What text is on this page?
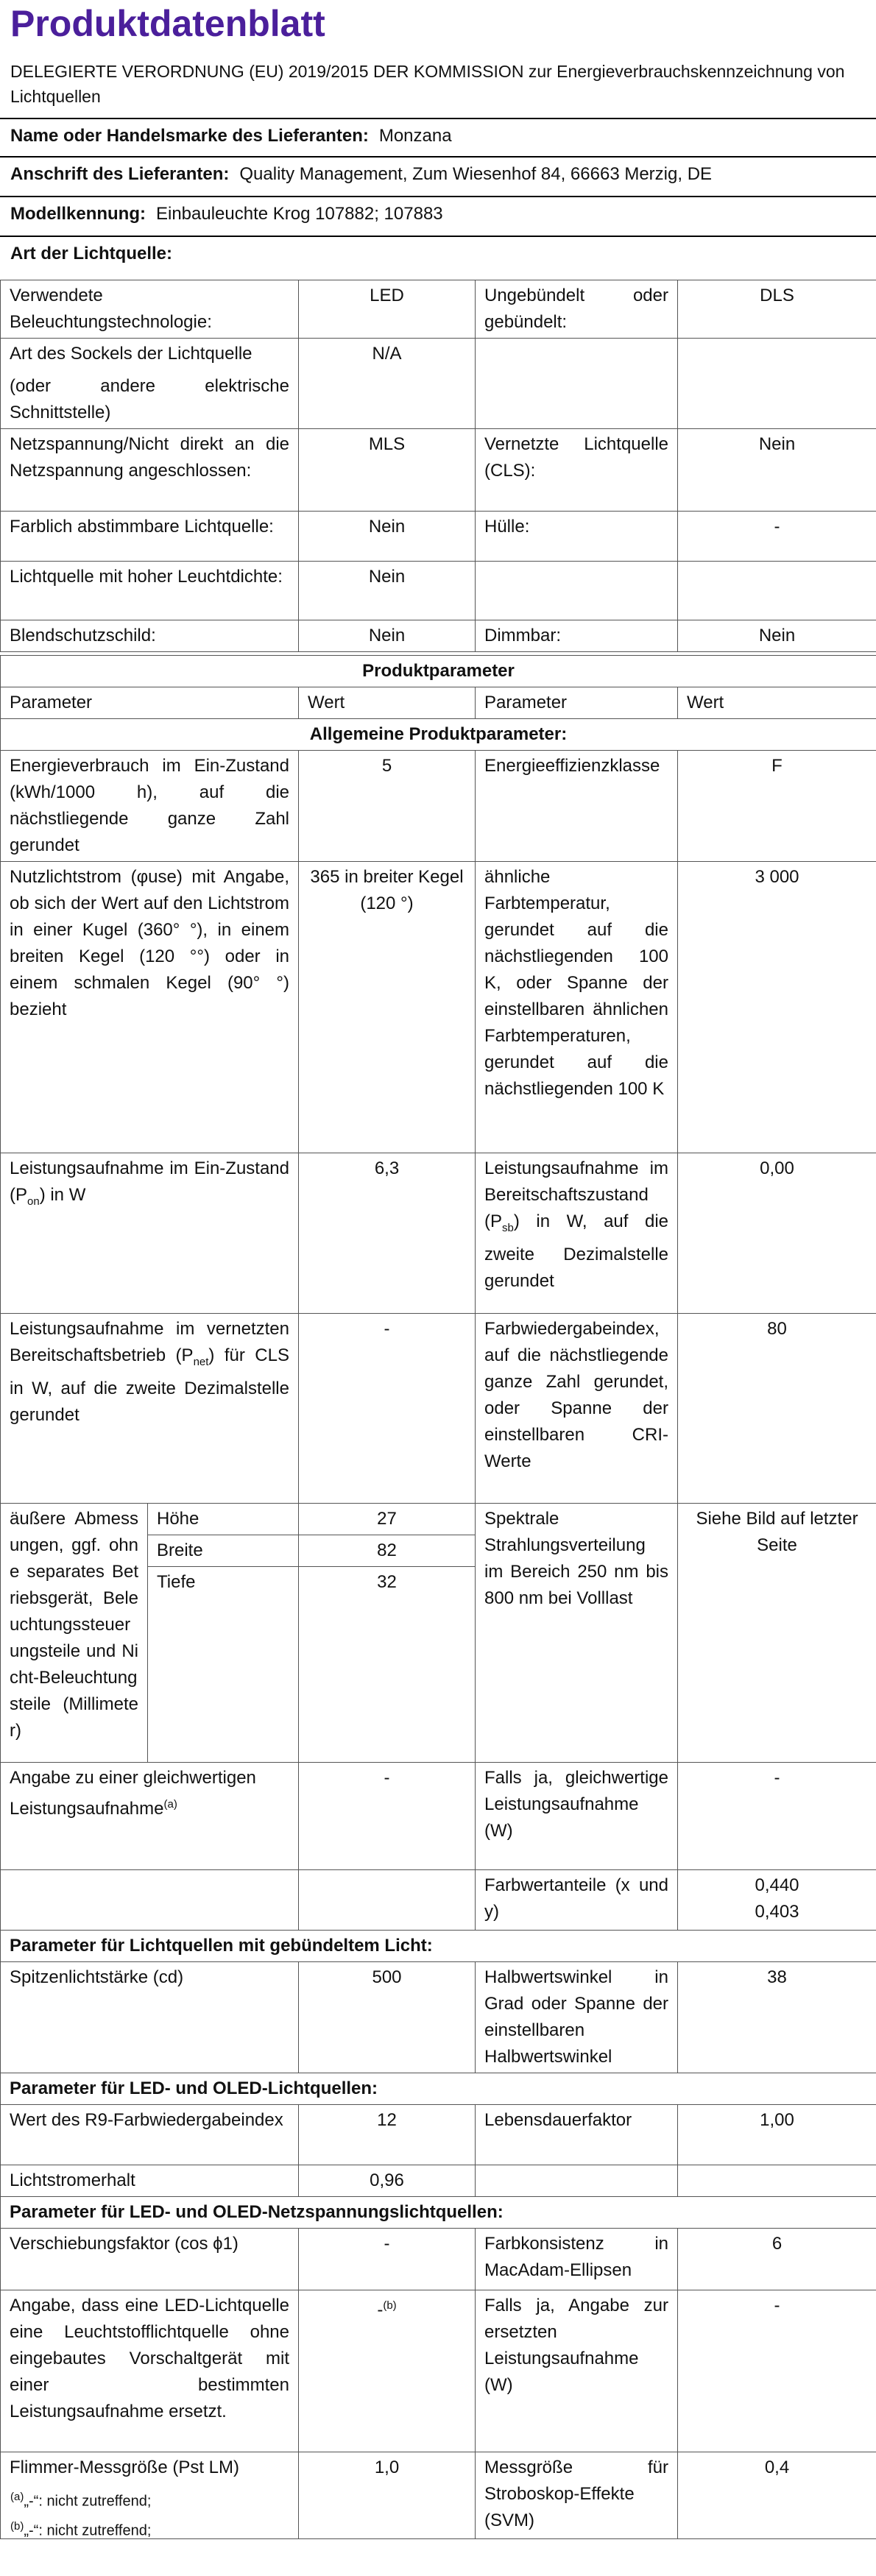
Produktdatenblatt
DELEGIERTE VERORDNUNG (EU) 2019/2015 DER KOMMISSION zur Energieverbrauchskennzeichnung von Lichtquellen
Name oder Handelsmarke des Lieferanten: Monzana
Anschrift des Lieferanten: Quality Management, Zum Wiesenhof 84, 66663 Merzig, DE
Modellkennung: Einbauleuchte Krog 107882; 107883
Art der Lichtquelle:
Verwendete Beleuchtungstechnologie:	LED	Ungebündelt oder gebündelt:	DLS

Art des Sockels der Lichtquelle
(oder andere elektrische Schnittstelle)	N/A		
Netzspannung/Nicht direkt an die Netzspannung angeschlossen:	MLS	Vernetzte Lichtquelle (CLS):	Nein
Farblich abstimmbare Lichtquelle:	Nein	Hülle:	-
Lichtquelle mit hoher Leuchtdichte:	Nein		
Blendschutzschild:	Nein	Dimmbar:	Nein
Produktparameter				
Parameter		Wert	Parameter	Wert
Allgemeine Produktparameter:				
Energieverbrauch im Ein-Zustand (kWh/1000 h), auf die nächstliegende ganze Zahl gerundet		5	Energieeffizienzklasse	F
Nutzlichtstrom (φuse) mit Angabe, ob sich der Wert auf den Lichtstrom in einer Kugel (360° °), in einem breiten Kegel (120 °°) oder in einem schmalen Kegel (90° °) bezieht		365 in breiter Kegel (120 °)	ähnliche Farbtemperatur, gerundet auf die nächstliegenden 100 K, oder Spanne der einstellbaren ähnlichen Farbtemperaturen, gerundet auf die nächstliegenden 100 K	3 000
Leistungsaufnahme im Ein-Zustand $(P_{on})$ in W		6,3	Leistungsaufnahme im Bereitschaftszustand $(P_{sb})$ in W, auf die zweite Dezimalstelle gerundet	0,00
Leistungsaufnahme im vernetzten Bereitschaftsbetrieb $(P_{net})$ für CLS in W, auf die zweite Dezimalstelle gerundet		-	Farbwiedergabeindex, auf die nächstliegende ganze Zahl gerundet, oder Spanne der einstellbaren CRI-Werte	80
äußere Abmessungen, ggf. ohne separates Betriebsgerät, Beleuchtungssteuerungsteile und Nicht-Beleuchtungsteile (Millimeter)	Höhe	27	Spektrale Strahlungsverteilung im Bereich 250 nm bis 800 nm bei Volllast	Siehe Bild auf letzter Seite
	Breite	82		
	Tiefe	32		
Angabe zu einer gleichwertigen Leistungsaufnahme$^{(a)}$		-	Falls ja, gleichwertige Leistungsaufnahme (W)	-
			Farbwertanteile (x und y)	0,440
0,403

Parameter für Lichtquellen mit gebündeltem Licht:				
Spitzenlichtstärke (cd)		500	Halbwertswinkel in Grad oder Spanne der einstellbaren Halbwertswinkel	38
Parameter für LED- und OLED-Lichtquellen:				
Wert des R9-Farbwiedergabeindex		12	Lebensdauerfaktor	1,00
Lichtstromerhalt		0,96		
Parameter für LED- und OLED-Netzspannungslichtquellen:				
Verschiebungsfaktor (cos ϕ1)		-	Farbkonsistenz in MacAdam-Ellipsen	6
Angabe, dass eine LED-Lichtquelle eine Leuchtstofflichtquelle ohne eingebautes Vorschaltgerät mit einer bestimmten Leistungsaufnahme ersetzt.		-$^{(b)}$	Falls ja, Angabe zur ersetzten Leistungsaufnahme (W)	-
Flimmer-Messgröße (Pst LM)		1,0	Messgröße für Stroboskop-Effekte (SVM)	0,4
$^{(a)}$„-“: nicht zutreffend;
$^{(b)}$„-“: nicht zutreffend;
